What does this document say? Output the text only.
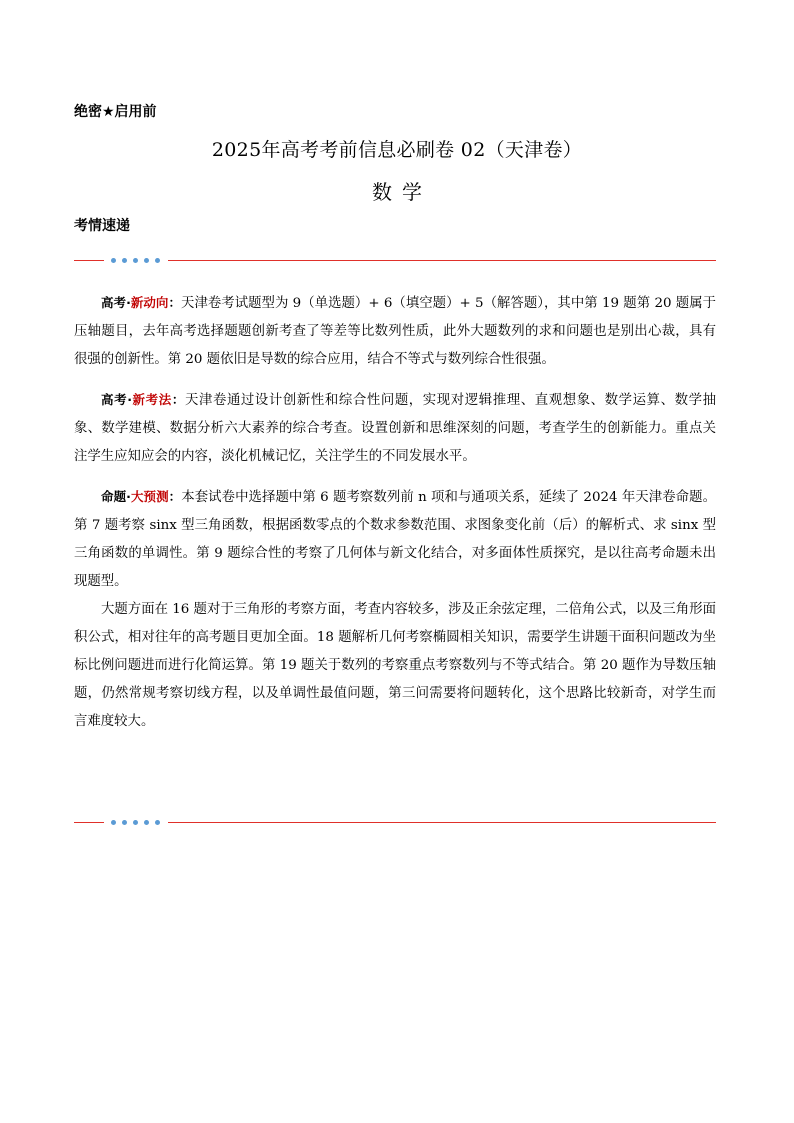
绝密★启用前
2025年高考考前信息必刷卷 02（天津卷）
数学
考情速递

高考·新动向：天津卷考试题型为 9（单选题）+ 6（填空题）+ 5（解答题），其中第 19 题第 20 题属于压轴题目，去年高考选择题题创新考查了等差等比数列性质，此外大题数列的求和问题也是别出心裁，具有很强的创新性。第 20 题依旧是导数的综合应用，结合不等式与数列综合性很强。

高考·新考法：天津卷通过设计创新性和综合性问题，实现对逻辑推理、直观想象、数学运算、数学抽象、数学建模、数据分析六大素养的综合考查。设置创新和思维深刻的问题，考查学生的创新能力。重点关注学生应知应会的内容，淡化机械记忆，关注学生的不同发展水平。

命题·大预测：本套试卷中选择题中第 6 题考察数列前 n 项和与通项关系，延续了 2024 年天津卷命题。第 7 题考察 sinx 型三角函数，根据函数零点的个数求参数范围、求图象变化前（后）的解析式、求 sinx 型三角函数的单调性。第 9 题综合性的考察了几何体与新文化结合，对多面体性质探究，是以往高考命题未出现题型。

大题方面在 16 题对于三角形的考察方面，考查内容较多，涉及正余弦定理，二倍角公式，以及三角形面积公式，相对往年的高考题目更加全面。18 题解析几何考察椭圆相关知识，需要学生讲题干面积问题改为坐标比例问题进而进行化简运算。第 19 题关于数列的考察重点考察数列与不等式结合。第 20 题作为导数压轴题，仍然常规考察切线方程，以及单调性最值问题，第三问需要将问题转化，这个思路比较新奇，对学生而言难度较大。
